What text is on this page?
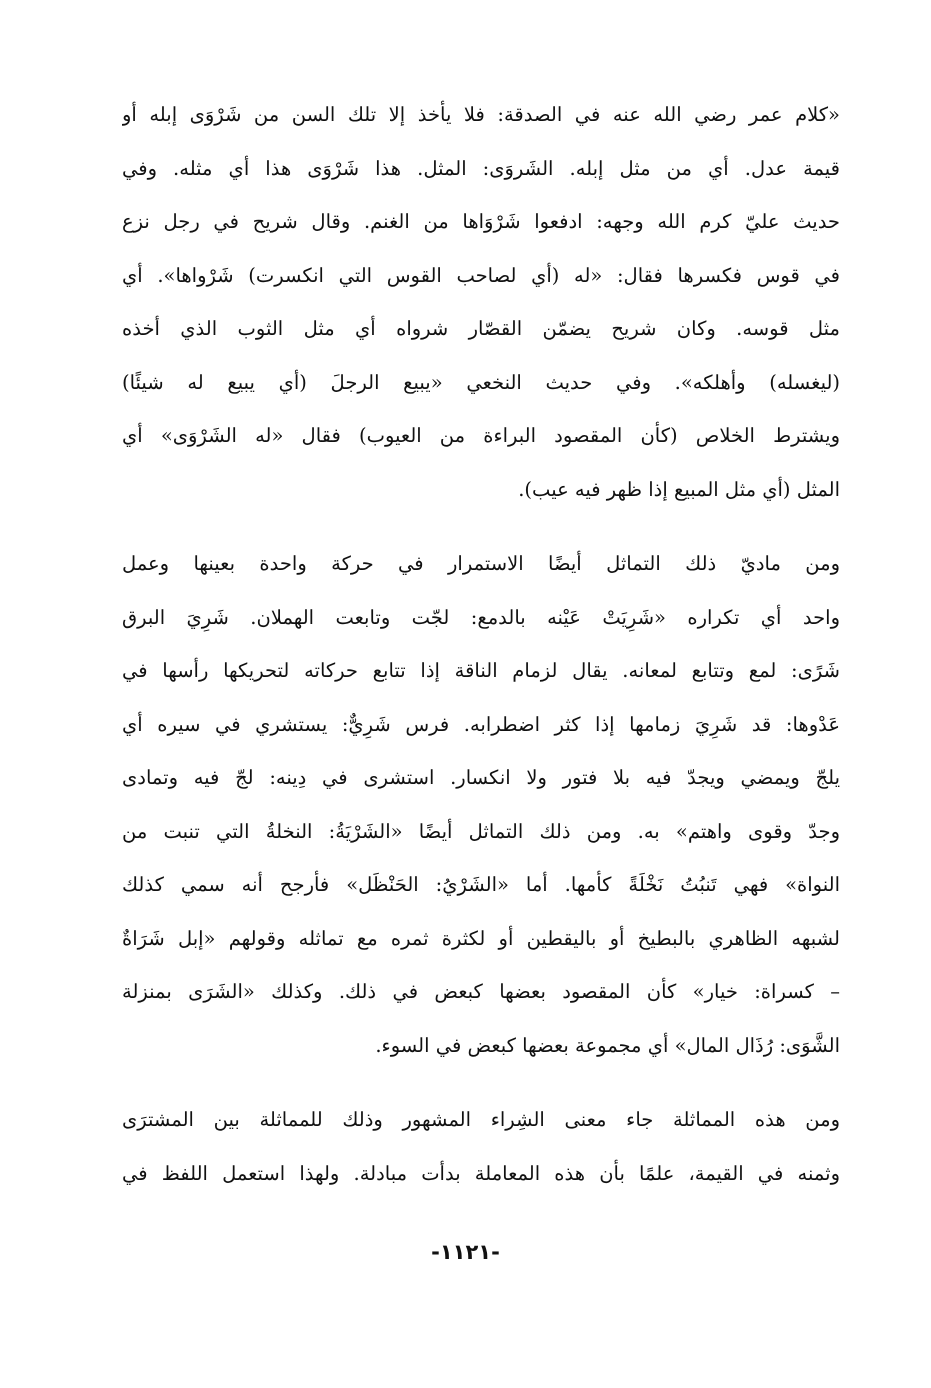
«كلام عمر رضي الله عنه في الصدقة: فلا يأخذ إلا تلك السن من شَرْوَى إبله أو
قيمة عدل. أي من مثل إبله. الشَروَى: المثل. هذا شَرْوَى هذا أي مثله. وفي
حديث عليّ كرم الله وجهه: ادفعوا شَرْوَاها من الغنم. وقال شريح في رجل نزع
في قوس فكسرها فقال: «له (أي لصاحب القوس التي انكسرت) شَرْواها». أي
مثل قوسه. وكان شريح يضمّن القصّار شرواه أي مثل الثوب الذي أخذه
(ليغسله) وأهلكه». وفي حديث النخعي «يبيع الرجلَ (أي يبيع له شيئًا)
ويشترط الخلاص (كأن المقصود البراءة من العيوب) فقال «له الشَرْوَى» أي
المثل (أي مثل المبيع إذا ظهر فيه عيب).
ومن ماديّ ذلك التماثل أيضًا الاستمرار في حركة واحدة بعينها وعمل
واحد أي تكراره «شَرِيَتْ عَيْنه بالدمع: لجّت وتابعت الهملان. شَرِيَ البرق
شَرًى: لمع وتتابع لمعانه. يقال لزمام الناقة إذا تتابع حركاته لتحريكها رأسها في
عَدْوها: قد شَرِيَ زمامها إذا كثر اضطرابه. فرس شَرِيٌّ: يستشري في سيره أي
يلجّ ويمضي ويجدّ فيه بلا فتور ولا انكسار. استشرى في دِينه: لجّ فيه وتمادى
وجدّ وقوى واهتم» به. ومن ذلك التماثل أيضًا «الشَرْيَةُ: النخلةُ التي تنبت من
النواة» فهي تَنبُتُ نَخْلَةً كأمها. أما «الشَرْيُ: الحَنْظَل» فأرجح أنه سمي كذلك
لشبهه الظاهري بالبطيخ أو باليقطين أو لكثرة ثمره مع تماثله وقولهم «إبل شَرَاةٌ
– كسراة: خيار» كأن المقصود بعضها كبعض في ذلك. وكذلك «الشَرَى بمنزلة
الشَّوَى: رُذَال المال» أي مجموعة بعضها كبعض في السوء.
ومن هذه المماثلة جاء معنى الشِراء المشهور وذلك للمماثلة بين المشترَى
وثمنه في القيمة، علمًا بأن هذه المعاملة بدأت مبادلة. ولهذا استعمل اللفظ في
-١١٢١-
